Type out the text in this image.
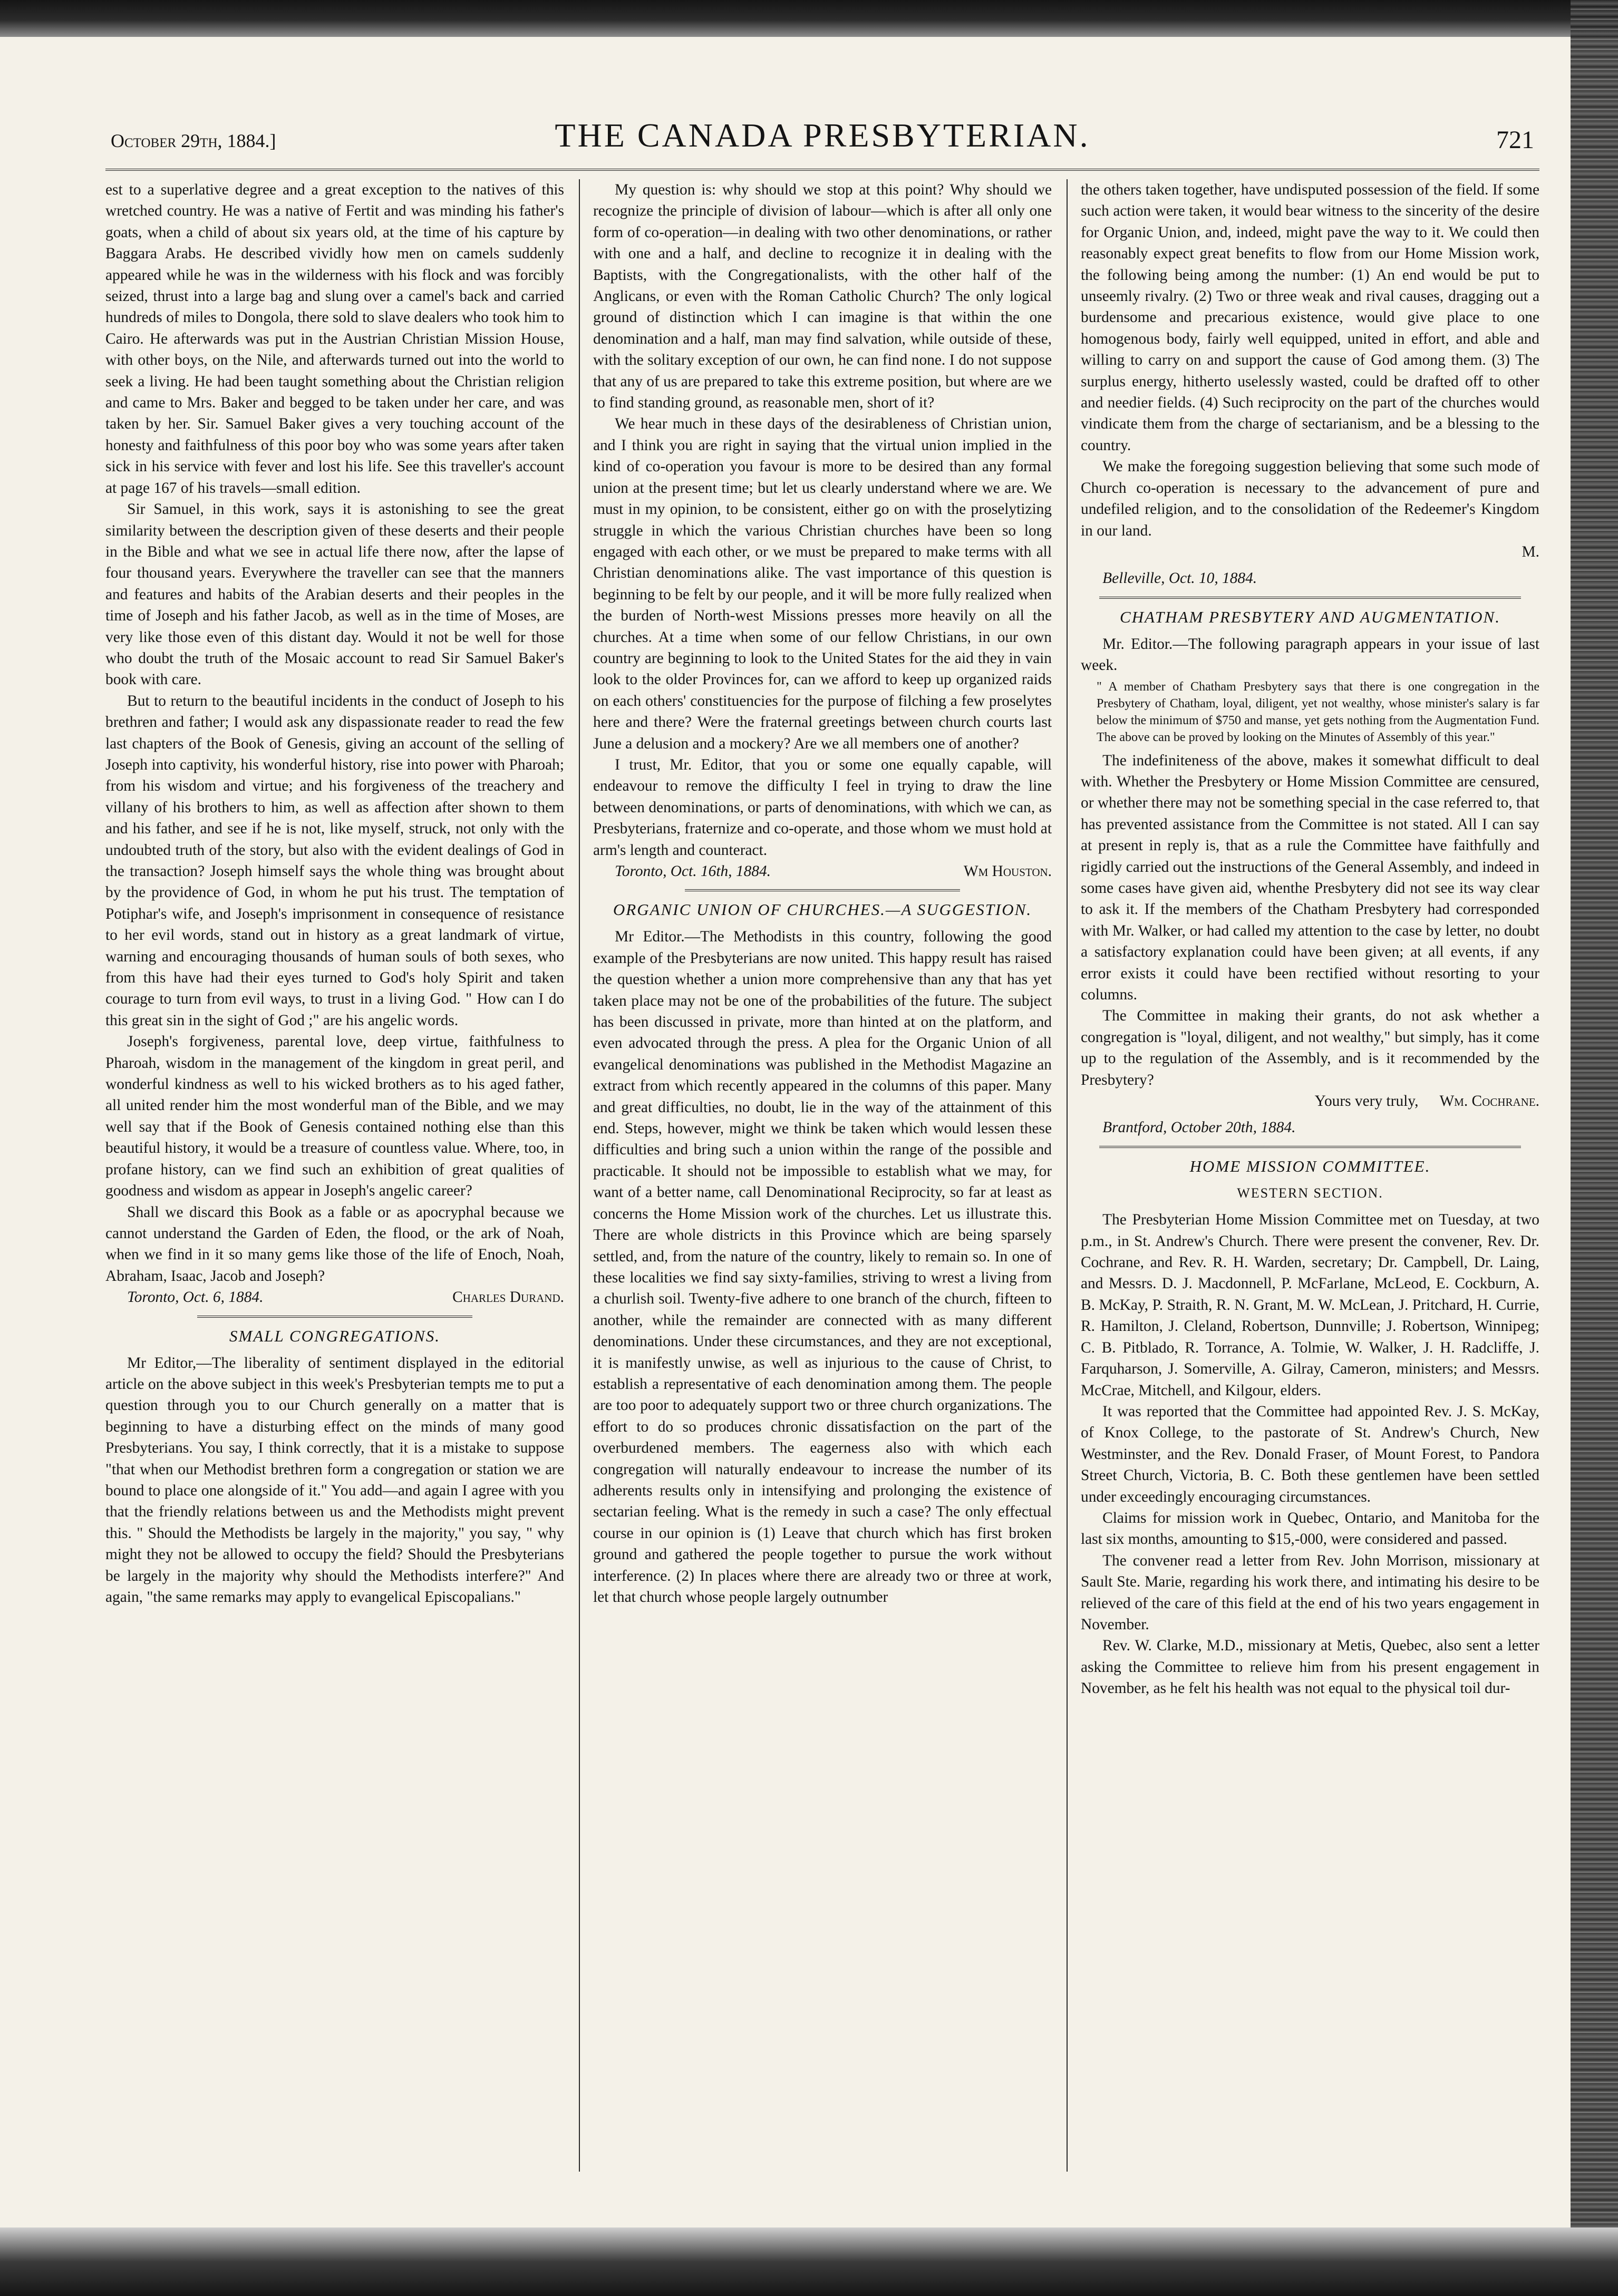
October 29th, 1884.]	THE CANADA PRESBYTERIAN.	721

est to a superlative degree and a great exception to the natives of this wretched country. He was a native of Fertit and was minding his father's goats, when a child of about six years old, at the time of his capture by Baggara Arabs. He described vividly how men on camels suddenly appeared while he was in the wilderness with his flock and was forcibly seized, thrust into a large bag and slung over a camel's back and carried hundreds of miles to Dongola, there sold to slave dealers who took him to Cairo. He afterwards was put in the Austrian Christian Mission House, with other boys, on the Nile, and afterwards turned out into the world to seek a living. He had been taught something about the Christian religion and came to Mrs. Baker and begged to be taken under her care, and was taken by her. Sir. Samuel Baker gives a very touching account of the honesty and faithfulness of this poor boy who was some years after taken sick in his service with fever and lost his life. See this traveller's account at page 167 of his travels—small edition.

Sir Samuel, in this work, says it is astonishing to see the great similarity between the description given of these deserts and their people in the Bible and what we see in actual life there now, after the lapse of four thousand years. Everywhere the traveller can see that the manners and features and habits of the Arabian deserts and their peoples in the time of Joseph and his father Jacob, as well as in the time of Moses, are very like those even of this distant day. Would it not be well for those who doubt the truth of the Mosaic account to read Sir Samuel Baker's book with care.

But to return to the beautiful incidents in the conduct of Joseph to his brethren and father; I would ask any dispassionate reader to read the few last chapters of the Book of Genesis, giving an account of the selling of Joseph into captivity, his wonderful history, rise into power with Pharoah; from his wisdom and virtue; and his forgiveness of the treachery and villany of his brothers to him, as well as affection after shown to them and his father, and see if he is not, like myself, struck, not only with the undoubted truth of the story, but also with the evident dealings of God in the transaction? Joseph himself says the whole thing was brought about by the providence of God, in whom he put his trust. The temptation of Potiphar's wife, and Joseph's imprisonment in consequence of resistance to her evil words, stand out in history as a great landmark of virtue, warning and encouraging thousands of human souls of both sexes, who from this have had their eyes turned to God's holy Spirit and taken courage to turn from evil ways, to trust in a living God. " How can I do this great sin in the sight of God ;" are his angelic words.

Joseph's forgiveness, parental love, deep virtue, faithfulness to Pharoah, wisdom in the management of the kingdom in great peril, and wonderful kindness as well to his wicked brothers as to his aged father, all united render him the most wonderful man of the Bible, and we may well say that if the Book of Genesis contained nothing else than this beautiful history, it would be a treasure of countless value. Where, too, in profane history, can we find such an exhibition of great qualities of goodness and wisdom as appear in Joseph's angelic career?

Shall we discard this Book as a fable or as apocryphal because we cannot understand the Garden of Eden, the flood, or the ark of Noah, when we find in it so many gems like those of the life of Enoch, Noah, Abraham, Isaac, Jacob and Joseph?

Toronto, Oct. 6, 1884.	Charles Durand.
SMALL CONGREGATIONS.

Mr Editor,—The liberality of sentiment displayed in the editorial article on the above subject in this week's Presbyterian tempts me to put a question through you to our Church generally on a matter that is beginning to have a disturbing effect on the minds of many good Presbyterians. You say, I think correctly, that it is a mistake to suppose "that when our Methodist brethren form a congregation or station we are bound to place one alongside of it." You add—and again I agree with you that the friendly relations between us and the Methodists might prevent this. " Should the Methodists be largely in the majority," you say, " why might they not be allowed to occupy the field? Should the Presbyterians be largely in the majority why should the Methodists interfere?" And again, "the same remarks may apply to evangelical Episcopalians."

My question is: why should we stop at this point? Why should we recognize the principle of division of labour—which is after all only one form of co-operation—in dealing with two other denominations, or rather with one and a half, and decline to recognize it in dealing with the Baptists, with the Congregationalists, with the other half of the Anglicans, or even with the Roman Catholic Church? The only logical ground of distinction which I can imagine is that within the one denomination and a half, man may find salvation, while outside of these, with the solitary exception of our own, he can find none. I do not suppose that any of us are prepared to take this extreme position, but where are we to find standing ground, as reasonable men, short of it?

We hear much in these days of the desirableness of Christian union, and I think you are right in saying that the virtual union implied in the kind of co-operation you favour is more to be desired than any formal union at the present time; but let us clearly understand where we are. We must in my opinion, to be consistent, either go on with the proselytizing struggle in which the various Christian churches have been so long engaged with each other, or we must be prepared to make terms with all Christian denominations alike. The vast importance of this question is beginning to be felt by our people, and it will be more fully realized when the burden of North-west Missions presses more heavily on all the churches. At a time when some of our fellow Christians, in our own country are beginning to look to the United States for the aid they in vain look to the older Provinces for, can we afford to keep up organized raids on each others' constituencies for the purpose of filching a few proselytes here and there? Were the fraternal greetings between church courts last June a delusion and a mockery? Are we all members one of another?

I trust, Mr. Editor, that you or some one equally capable, will endeavour to remove the difficulty I feel in trying to draw the line between denominations, or parts of denominations, with which we can, as Presbyterians, fraternize and co-operate, and those whom we must hold at arm's length and counteract.

Toronto, Oct. 16th, 1884.	Wm Houston.
ORGANIC UNION OF CHURCHES.—A SUGGESTION.

Mr Editor.—The Methodists in this country, following the good example of the Presbyterians are now united. This happy result has raised the question whether a union more comprehensive than any that has yet taken place may not be one of the probabilities of the future. The subject has been discussed in private, more than hinted at on the platform, and even advocated through the press. A plea for the Organic Union of all evangelical denominations was published in the Methodist Magazine an extract from which recently appeared in the columns of this paper. Many and great difficulties, no doubt, lie in the way of the attainment of this end. Steps, however, might we think be taken which would lessen these difficulties and bring such a union within the range of the possible and practicable. It should not be impossible to establish what we may, for want of a better name, call Denominational Reciprocity, so far at least as concerns the Home Mission work of the churches. Let us illustrate this. There are whole districts in this Province which are being sparsely settled, and, from the nature of the country, likely to remain so. In one of these localities we find say sixty-families, striving to wrest a living from a churlish soil. Twenty-five adhere to one branch of the church, fifteen to another, while the remainder are connected with as many different denominations. Under these circumstances, and they are not exceptional, it is manifestly unwise, as well as injurious to the cause of Christ, to establish a representative of each denomination among them. The people are too poor to adequately support two or three church organizations. The effort to do so produces chronic dissatisfaction on the part of the overburdened members. The eagerness also with which each congregation will naturally endeavour to increase the number of its adherents results only in intensifying and prolonging the existence of sectarian feeling. What is the remedy in such a case? The only effectual course in our opinion is (1) Leave that church which has first broken ground and gathered the people together to pursue the work without interference. (2) In places where there are already two or three at work, let that church whose people largely outnumber

the others taken together, have undisputed possession of the field. If some such action were taken, it would bear witness to the sincerity of the desire for Organic Union, and, indeed, might pave the way to it. We could then reasonably expect great benefits to flow from our Home Mission work, the following being among the number: (1) An end would be put to unseemly rivalry. (2) Two or three weak and rival causes, dragging out a burdensome and precarious existence, would give place to one homogenous body, fairly well equipped, united in effort, and able and willing to carry on and support the cause of God among them. (3) The surplus energy, hitherto uselessly wasted, could be drafted off to other and needier fields. (4) Such reciprocity on the part of the churches would vindicate them from the charge of sectarianism, and be a blessing to the country.

We make the foregoing suggestion believing that some such mode of Church co-operation is necessary to the advancement of pure and undefiled religion, and to the consolidation of the Redeemer's Kingdom in our land.

M.
Belleville, Oct. 10, 1884.
CHATHAM PRESBYTERY AND AUGMENTATION.

Mr. Editor.—The following paragraph appears in your issue of last week.

" A member of Chatham Presbytery says that there is one congregation in the Presbytery of Chatham, loyal, diligent, yet not wealthy, whose minister's salary is far below the minimum of $750 and manse, yet gets nothing from the Augmentation Fund. The above can be proved by looking on the Minutes of Assembly of this year."

The indefiniteness of the above, makes it somewhat difficult to deal with. Whether the Presbytery or Home Mission Committee are censured, or whether there may not be something special in the case referred to, that has prevented assistance from the Committee is not stated. All I can say at present in reply is, that as a rule the Committee have faithfully and rigidly carried out the instructions of the General Assembly, and indeed in some cases have given aid, whenthe Presbytery did not see its way clear to ask it. If the members of the Chatham Presbytery had corresponded with Mr. Walker, or had called my attention to the case by letter, no doubt a satisfactory explanation could have been given; at all events, if any error exists it could have been rectified without resorting to your columns.

The Committee in making their grants, do not ask whether a congregation is "loyal, diligent, and not wealthy," but simply, has it come up to the regulation of the Assembly, and is it recommended by the Presbytery?

Yours very truly, Wm. Cochrane.
Brantford, October 20th, 1884.
HOME MISSION COMMITTEE.
WESTERN SECTION.

The Presbyterian Home Mission Committee met on Tuesday, at two p.m., in St. Andrew's Church. There were present the convener, Rev. Dr. Cochrane, and Rev. R. H. Warden, secretary; Dr. Campbell, Dr. Laing, and Messrs. D. J. Macdonnell, P. McFarlane, McLeod, E. Cockburn, A. B. McKay, P. Straith, R. N. Grant, M. W. McLean, J. Pritchard, H. Currie, R. Hamilton, J. Cleland, Robertson, Dunnville; J. Robertson, Winnipeg; C. B. Pitblado, R. Torrance, A. Tolmie, W. Walker, J. H. Radcliffe, J. Farquharson, J. Somerville, A. Gilray, Cameron, ministers; and Messrs. McCrae, Mitchell, and Kilgour, elders.

It was reported that the Committee had appointed Rev. J. S. McKay, of Knox College, to the pastorate of St. Andrew's Church, New Westminster, and the Rev. Donald Fraser, of Mount Forest, to Pandora Street Church, Victoria, B. C. Both these gentlemen have been settled under exceedingly encouraging circumstances.

Claims for mission work in Quebec, Ontario, and Manitoba for the last six months, amounting to $15,-000, were considered and passed.

The convener read a letter from Rev. John Morrison, missionary at Sault Ste. Marie, regarding his work there, and intimating his desire to be relieved of the care of this field at the end of his two years engagement in November.

Rev. W. Clarke, M.D., missionary at Metis, Quebec, also sent a letter asking the Committee to relieve him from his present engagement in November, as he felt his health was not equal to the physical toil dur-
